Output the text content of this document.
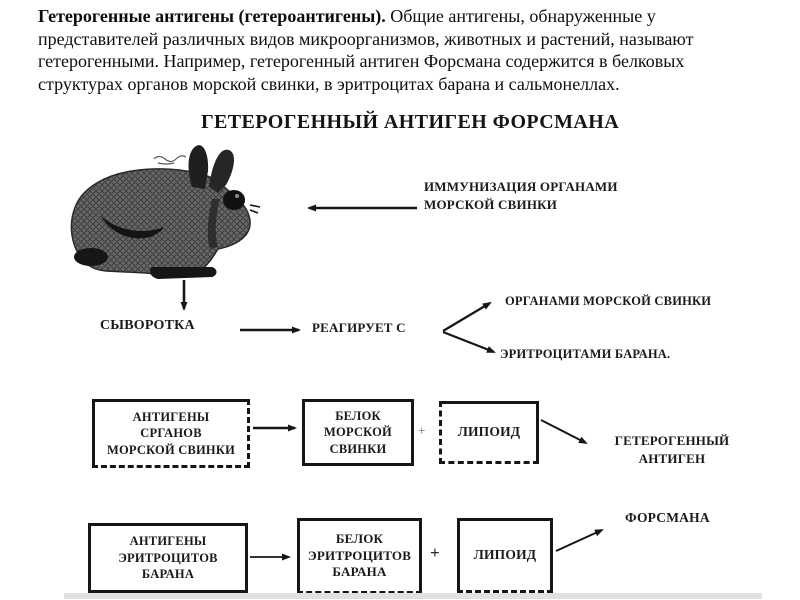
Гетерогенные антигены (гетероантигены). Общие антигены, обнаруженные у
представителей различных видов микроорганизмов, животных и растений, называют
гетерогенными. Например, гетерогенный антиген Форсмана содержится в белковых
структурах органов морской свинки, в эритроцитах барана и сальмонеллах.
ГЕТЕРОГЕННЫЙ АНТИГЕН ФОРСМАНА
ИММУНИЗАЦИЯ ОРГАНАМИ
МОРСКОЙ СВИНКИ
СЫВОРОТКА	РЕАГИРУЕТ С
ОРГАНАМИ МОРСКОЙ СВИНКИ
ЭРИТРОЦИТАМИ БАРАНА.
АНТИГЕНЫ
СРГАНОВ
МОРСКОЙ СВИНКИ
БЕЛОК
МОРСКОЙ
СВИНКИ
+ ЛИПОИД
ГЕТЕРОГЕННЫЙ
АНТИГЕН
АНТИГЕНЫ
ЭРИТРОЦИТОВ
БАРАНА
БЕЛОК
ЭРИТРОЦИТОВ
БАРАНА
+	ЛИПОИД
ФОРСМАНА
